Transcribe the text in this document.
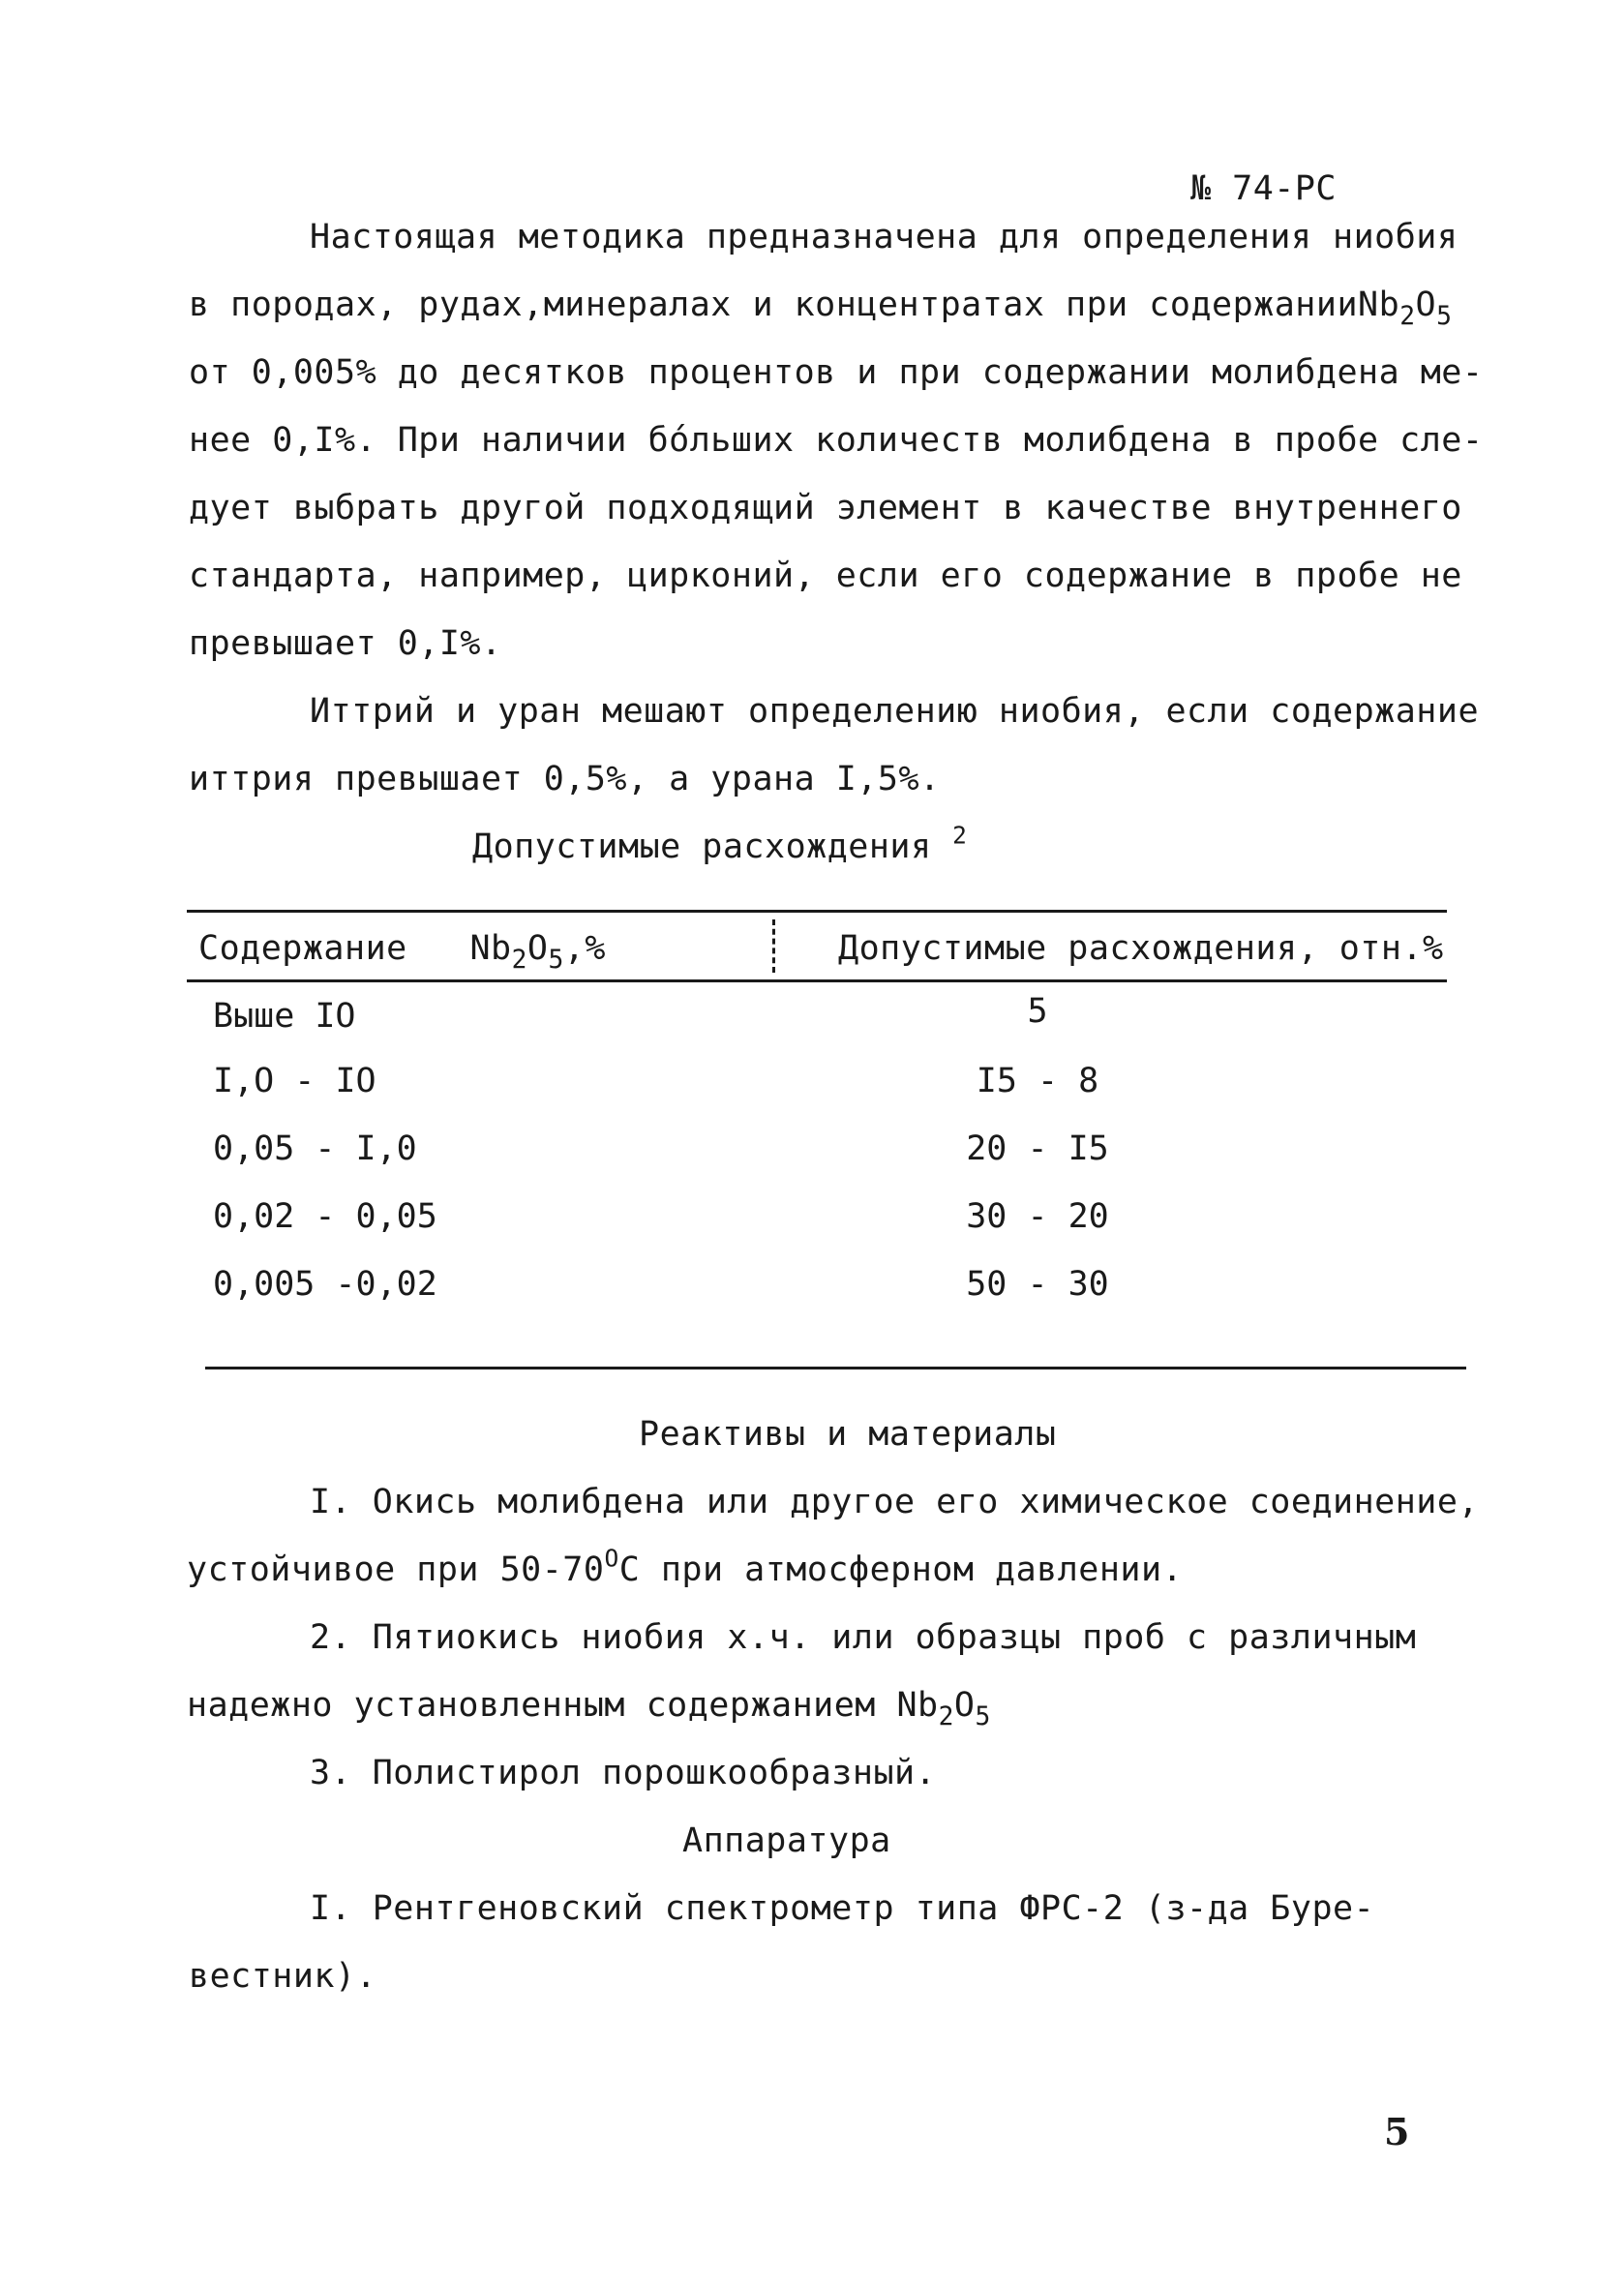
№ 74-РС
Настоящая методика предназначена для определения ниобия
в породах, рудах,минералах и концентратах при $содержанииNb_2O_5$
от 0,005% до десятков процентов и при содержании молибдена ме-
нее 0,I%. При наличии бо́льших количеств молибдена в пробе сле-
дует выбрать другой подходящий элемент в качестве внутреннего
стандарта, например, цирконий, если его содержание в пробе не
превышает 0,I%.
Иттрий и уран мешают определению ниобия, если содержание
иттрия превышает 0,5%, а урана I,5%.
Допустимые расхождения $^2$
Содержание $Nb_2O_5,\%$	Допустимые расхождения, отн.%
Выше IO	5
I,O - IO	I5 - 8
0,05 - I,0	20 - I5
0,02 - 0,05	30 - 20
0,005 -0,02	50 - 30
Реактивы и материалы
I. Окись молибдена или другое его химическое соединение,
устойчивое при $50-70^OC$ при атмосферном давлении.
2. Пятиокись ниобия х.ч. или образцы проб с различным
надежно установленным содержанием $Nb_2O_5$
3. Полистирол порошкообразный.
Аппаратура
I. Рентгеновский спектрометр типа ФРС-2 (з-да Буре-
вестник).
5
